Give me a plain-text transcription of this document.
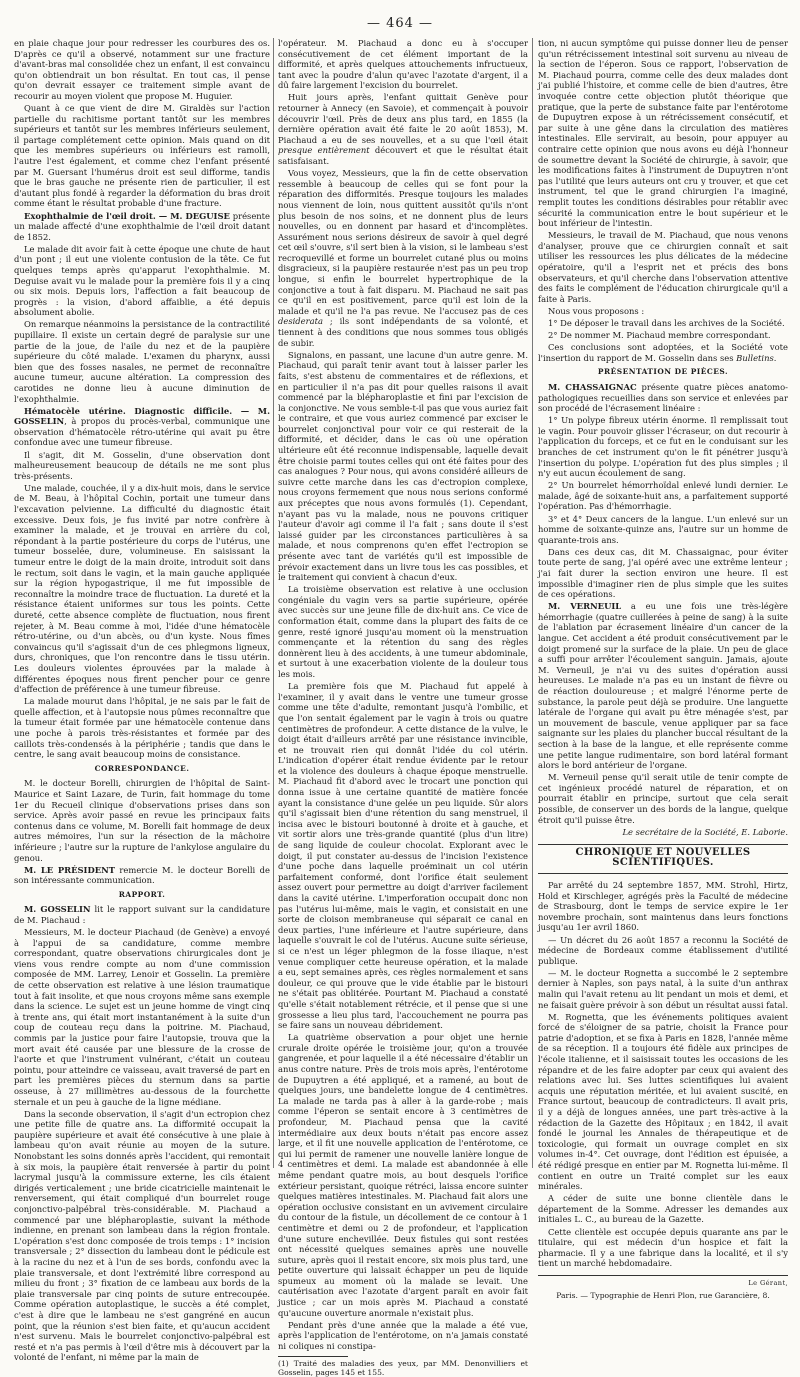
— 464 —

en plaie chaque jour pour redresser les courbures des os. D'après ce qu'il a observé, notamment sur une fracture d'avant-bras mal consolidée chez un enfant, il est convaincu qu'on obtiendrait un bon résultat. En tout cas, il pense qu'on devrait essayer ce traitement simple avant de recourir au moyen violent que propose M. Huguier.

Quant à ce que vient de dire M. Giraldès sur l'action partielle du rachitisme portant tantôt sur les membres supérieurs et tantôt sur les membres inférieurs seulement, il partage complétement cette opinion. Mais quand on dit que les membres supérieurs ou inférieurs est ramolli, l'autre l'est également, et comme chez l'enfant présenté par M. Guersant l'humérus droit est seul difforme, tandis que le bras gauche ne présente rien de particulier, il est d'autant plus fondé à regarder la déformation du bras droit comme étant le résultat probable d'une fracture.

Exophthalmie de l'œil droit. — M. DEGUISE présente un malade affecté d'une exophthalmie de l'œil droit datant de 1852.

Le malade dit avoir fait à cette époque une chute de haut d'un pont ; il eut une violente contusion de la tête. Ce fut quelques temps après qu'apparut l'exophthalmie. M. Deguise avait vu le malade pour la première fois il y a cinq ou six mois. Depuis lors, l'affection a fait beaucoup de progrès : la vision, d'abord affaiblie, a été depuis absolument abolie.

On remarque néanmoins la persistance de la contractilité pupillaire. Il existe un certain degré de paralysie sur une partie de la joue, de l'aile du nez et de la paupière supérieure du côté malade. L'examen du pharynx, aussi bien que des fosses nasales, ne permet de reconnaître aucune tumeur, aucune altération. La compression des carotides ne donne lieu à aucune diminution de l'exophthalmie.

Hématocèle utérine. Diagnostic difficile. — M. GOSSELIN, à propos du procès-verbal, communique une observation d'hématocèle rétro-utérine qui avait pu être confondue avec une tumeur fibreuse.

Il s'agit, dit M. Gosselin, d'une observation dont malheureusement beaucoup de détails ne me sont plus très-présents.

Une malade, couchée, il y a dix-huit mois, dans le service de M. Beau, à l'hôpital Cochin, portait une tumeur dans l'excavation pelvienne. La difficulté du diagnostic était excessive. Deux fois, je fus invité par notre confrère à examiner la malade, et je trouvai en arrière du col, répondant à la partie postérieure du corps de l'utérus, une tumeur bosselée, dure, volumineuse. En saisissant la tumeur entre le doigt de la main droite, introduit soit dans le rectum, soit dans le vagin, et la main gauche appliquée sur la région hypogastrique, il me fut impossible de reconnaître la moindre trace de fluctuation. La dureté et la résistance étaient uniformes sur tous les points. Cette dureté, cette absence complète de fluctuation, nous firent rejeter, à M. Beau comme à moi, l'idée d'une hématocèle rétro-utérine, ou d'un abcès, ou d'un kyste. Nous fîmes convaincus qu'il s'agissait d'un de ces phlegmons ligneux, durs, chroniques, que l'on rencontre dans le tissu utérin. Les douleurs violentes éprouvées par la malade à différentes époques nous firent pencher pour ce genre d'affection de préférence à une tumeur fibreuse.

La malade mourut dans l'hôpital, je ne sais par le fait de quelle affection, et à l'autopsie nous pûmes reconnaître que la tumeur était formée par une hématocèle contenue dans une poche à parois très-résistantes et formée par des caillots très-condensés à la périphérie ; tandis que dans le centre, le sang avait beaucoup moins de consistance.

CORRESPONDANCE.

M. le docteur Borelli, chirurgien de l'hôpital de Saint-Maurice et Saint Lazare, de Turin, fait hommage du tome 1er du Recueil clinique d'observations prises dans son service. Après avoir passé en revue les principaux faits contenus dans ce volume, M. Borelli fait hommage de deux autres mémoires, l'un sur la résection de la mâchoire inférieure ; l'autre sur la rupture de l'ankylose angulaire du genou.

M. LE PRÉSIDENT remercie M. le docteur Borelli de son intéressante communication.

RAPPORT.

M. GOSSELIN lit le rapport suivant sur la candidature de M. Piachaud :

Messieurs, M. le docteur Piachaud (de Genève) a envoyé à l'appui de sa candidature, comme membre correspondant, quatre observations chirurgicales dont je viens vous rendre compte au nom d'une commission composée de MM. Larrey, Lenoir et Gosselin. La première de cette observation est relative à une lésion traumatique tout à fait insolite, et que nous croyons même sans exemple dans la science. Le sujet est un jeune homme de vingt cinq à trente ans, qui était mort instantanément à la suite d'un coup de couteau reçu dans la poitrine. M. Piachaud, commis par la justice pour faire l'autopsie, trouva que la mort avait été causée par une blessure de la crosse de l'aorte et que l'instrument vulnérant, c'était un couteau pointu, pour atteindre ce vaisseau, avait traversé de part en part les premières pièces du sternum dans sa partie osseuse, à 27 millimètres au-dessous de la fourchette sternale et un peu à gauche de la ligne médiane.

Dans la seconde observation, il s'agit d'un ectropion chez une petite fille de quatre ans. La difformité occupait la paupière supérieure et avait été consécutive à une plaie à lambeau qu'on avait réunie au moyen de la suture. Nonobstant les soins donnés après l'accident, qui remontait à six mois, la paupière était renversée à partir du point lacrymal jusqu'à la commissure externe, les cils étaient dirigés verticalement ; une bride cicatricielle maintenait le renversement, qui était compliqué d'un bourrelet rouge conjonctivo-palpébral très-considérable. M. Piachaud a commencé par une blépharoplastie, suivant la méthode indienne, en prenant son lambeau dans la région frontale. L'opération s'est donc composée de trois temps : 1° incision transversale ; 2° dissection du lambeau dont le pédicule est à la racine du nez et à l'un de ses bords, confondu avec la plaie transversale, et dont l'extrémité libre correspond au milieu du front ; 3° fixation de ce lambeau aux bords de la plaie transversale par cinq points de suture entrecoupée. Comme opération autoplastique, le succès a été complet, c'est à dire que le lambeau ne s'est gangréné en aucun point, que la réunion s'est bien faite, et qu'aucun accident n'est survenu. Mais le bourrelet conjonctivo-palpébral est resté et n'a pas permis à l'œil d'être mis à découvert par la volonté de l'enfant, ni même par la main de

l'opérateur. M. Piachaud a donc eu à s'occuper consécutivement de cet élément important de la difformité, et après quelques attouchements infructueux, tant avec la poudre d'alun qu'avec l'azotate d'argent, il a dû faire largement l'excision du bourrelet.

Huit jours après, l'enfant quittait Genève pour retourner à Annecy (en Savoie), et commençait à pouvoir découvrir l'œil. Près de deux ans plus tard, en 1855 (la dernière opération avait été faite le 20 août 1853), M. Piachaud a eu de ses nouvelles, et a su que l'œil était presque entièrement découvert et que le résultat était satisfaisant.

Vous voyez, Messieurs, que la fin de cette observation ressemble à beaucoup de celles qui se font pour la réparation des difformités. Presque toujours les malades nous viennent de loin, nous quittent aussitôt qu'ils n'ont plus besoin de nos soins, et ne donnent plus de leurs nouvelles, ou en donnent par hasard et d'incomplètes. Assurément nous serions désireux de savoir à quel degré cet œil s'ouvre, s'il sert bien à la vision, si le lambeau s'est recroquevillé et forme un bourrelet cutané plus ou moins disgracieux, si la paupière restaurée n'est pas un peu trop longue, si enfin le bourrelet hypertrophique de la conjonctive a tout à fait disparu. M. Piachaud ne sait pas ce qu'il en est positivement, parce qu'il est loin de la malade et qu'il ne l'a pas revue. Ne l'accusez pas de ces desiderata ; ils sont indépendants de sa volonté, et tiennent à des conditions que nous sommes tous obligés de subir.

Signalons, en passant, une lacune d'un autre genre. M. Piachaud, qui paraît tenir avant tout à laisser parler les faits, s'est abstenu de commentaires et de réflexions, et en particulier il n'a pas dit pour quelles raisons il avait commencé par la blépharoplastie et fini par l'excision de la conjonctive. Ne vous semble-t-il pas que vous auriez fait le contraire, et que vous auriez commencé par exciser le bourrelet conjonctival pour voir ce qui resterait de la difformité, et décider, dans le cas où une opération ultérieure eût été reconnue indispensable, laquelle devait être choisie parmi toutes celles qui ont été faites pour des cas analogues ? Pour nous, qui avons considéré ailleurs de suivre cette marche dans les cas d'ectropion complexe, nous croyons fermement que nous nous serions conformé aux préceptes que nous avons formulés (1). Cependant, n'ayant pas vu la malade, nous ne pouvons critiquer l'auteur d'avoir agi comme il l'a fait ; sans doute il s'est laissé guider par les circonstances particulières à sa malade, et nous comprenons qu'en effet l'ectropion se présente avec tant de variétés qu'il est impossible de prévoir exactement dans un livre tous les cas possibles, et le traitement qui convient à chacun d'eux.

La troisième observation est relative à une occlusion congéniale du vagin vers sa partie supérieure, opérée avec succès sur une jeune fille de dix-huit ans. Ce vice de conformation était, comme dans la plupart des faits de ce genre, resté ignoré jusqu'au moment où la menstruation commençante et la rétention du sang des règles donnèrent lieu à des accidents, à une tumeur abdominale, et surtout à une exacerbation violente de la douleur tous les mois.

La première fois que M. Piachaud fut appelé à l'examiner, il y avait dans le ventre une tumeur grosse comme une tête d'adulte, remontant jusqu'à l'ombilic, et que l'on sentait également par le vagin à trois ou quatre centimètres de profondeur. A cette distance de la vulve, le doigt était d'ailleurs arrêté par une résistance invincible, et ne trouvait rien qui donnât l'idée du col utérin. L'indication d'opérer était rendue évidente par le retour et la violence des douleurs à chaque époque menstruelle. M. Piachaud fit d'abord avec le trocart une ponction qui donna issue à une certaine quantité de matière foncée ayant la consistance d'une gelée un peu liquide. Sûr alors qu'il s'agissait bien d'une rétention du sang menstruel, il incisa avec le bistouri boutonné à droite et à gauche, et vit sortir alors une très-grande quantité (plus d'un litre) de sang liquide de couleur chocolat. Explorant avec le doigt, il put constater au-dessus de l'incision l'existence d'une poche dans laquelle proéminait un col utérin parfaitement conformé, dont l'orifice était seulement assez ouvert pour permettre au doigt d'arriver facilement dans la cavité utérine. L'imperforation occupait donc non pas l'utérus lui-même, mais le vagin, et consistait en une sorte de cloison membraneuse qui séparait ce canal en deux parties, l'une inférieure et l'autre supérieure, dans laquelle s'ouvrait le col de l'utérus. Aucune suite sérieuse, si ce n'est un léger phlegmon de la fosse iliaque, n'est venue compliquer cette heureuse opération, et la malade a eu, sept semaines après, ces règles normalement et sans douleur, ce qui prouve que le vide établie par le bistouri ne s'était pas oblitérée. Pourtant M. Piachaud a constaté qu'elle s'était notablement rétrécie, et il pense que si une grossesse a lieu plus tard, l'accouchement ne pourra pas se faire sans un nouveau débridement.

La quatrième observation a pour objet une hernie crurale droite opérée le troisième jour, qu'on a trouvée gangrenée, et pour laquelle il a été nécessaire d'établir un anus contre nature. Près de trois mois après, l'entérotome de Dupuytren a été appliqué, et a ramené, au bout de quelques jours, une bandelette longue de 4 centimètres. La malade ne tarda pas à aller à la garde-robe ; mais comme l'éperon se sentait encore à 3 centimètres de profondeur, M. Piachaud pensa que la cavité intermédiaire aux deux bouts n'était pas encore assez large, et il fit une nouvelle application de l'entérotome, ce qui lui permit de ramener une nouvelle lanière longue de 4 centimètres et demi. La malade est abandonnée à elle même pendant quatre mois, au bout desquels l'orifice extérieur persistant, quoique rétréci, laissa encore suinter quelques matières intestinales. M. Piachaud fait alors une opération occlusive consistant en un avivement circulaire du contour de la fistule, un décollement de ce contour à 1 centimètre et demi ou 2 de profondeur, et l'application d'une suture enchevillée. Deux fistules qui sont restées ont nécessité quelques semaines après une nouvelle suture, après quoi il restait encore, six mois plus tard, une petite ouverture qui laissait échapper un peu de liquide spumeux au moment où la malade se levait. Une cautérisation avec l'azotate d'argent paraît en avoir fait justice ; car un mois après M. Piachaud a constaté qu'aucune ouverture anormale n'existait plus.

Pendant près d'une année que la malade a été vue, après l'application de l'entérotome, on n'a jamais constaté ni coliques ni constipa-

(1) Traité des maladies des yeux, par MM. Denonvilliers et Gosselin, pages 145 et 155.

tion, ni aucun symptôme qui puisse donner lieu de penser qu'un rétrécissement intestinal soit survenu au niveau de la section de l'éperon. Sous ce rapport, l'observation de M. Piachaud pourra, comme celle des deux malades dont j'ai publié l'histoire, et comme celle de bien d'autres, être invoquée contre cette objection plutôt théorique que pratique, que la perte de substance faite par l'entérotome de Dupuytren expose à un rétrécissement consécutif, et par suite à une gêne dans la circulation des matières intestinales. Elle servirait, au besoin, pour appuyer au contraire cette opinion que nous avons eu déjà l'honneur de soumettre devant la Société de chirurgie, à savoir, que les modifications faites à l'instrument de Dupuytren n'ont pas l'utilité que leurs auteurs ont cru y trouver, et que cet instrument, tel que le grand chirurgien l'a imaginé, remplit toutes les conditions désirables pour rétablir avec sécurité la communication entre le bout supérieur et le bout inférieur de l'intestin.

Messieurs, le travail de M. Piachaud, que nous venons d'analyser, prouve que ce chirurgien connaît et sait utiliser les ressources les plus délicates de la médecine opératoire, qu'il a l'esprit net et précis des bons observateurs, et qu'il cherche dans l'observation attentive des faits le complément de l'éducation chirurgicale qu'il a faite à Paris.

Nous vous proposons :

1° De déposer le travail dans les archives de la Société.

2° De nommer M. Piachaud membre correspondant.

Ces conclusions sont adoptées, et la Société vote l'insertion du rapport de M. Gosselin dans ses Bulletins.

PRÉSENTATION DE PIÈCES.

M. CHASSAIGNAC présente quatre pièces anatomo-pathologiques recueillies dans son service et enlevées par son procédé de l'écrasement linéaire :

1° Un polype fibreux utérin énorme. Il remplissait tout le vagin. Pour pouvoir glisser l'écraseur, on dut recourir à l'application du forceps, et ce fut en le conduisant sur les branches de cet instrument qu'on le fit pénétrer jusqu'à l'insertion du polype. L'opération fut des plus simples ; il n'y eut aucun écoulement de sang.

2° Un bourrelet hémorrhoïdal enlevé lundi dernier. Le malade, âgé de soixante-huit ans, a parfaitement supporté l'opération. Pas d'hémorrhagie.

3° et 4° Deux cancers de la langue. L'un enlevé sur un homme de soixante-quinze ans, l'autre sur un homme de quarante-trois ans.

Dans ces deux cas, dit M. Chassaignac, pour éviter toute perte de sang, j'ai opéré avec une extrême lenteur ; j'ai fait durer la section environ une heure. Il est impossible d'imaginer rien de plus simple que les suites de ces opérations.

M. VERNEUIL a eu une fois une très-légère hémorrhagie (quatre cuillerées à peine de sang) à la suite de l'ablation par écrasement linéaire d'un cancer de la langue. Cet accident a été produit consécutivement par le doigt promené sur la surface de la plaie. Un peu de glace a suffi pour arrêter l'écoulement sanguin. Jamais, ajoute M. Verneuil, je n'ai vu des suites d'opération aussi heureuses. Le malade n'a pas eu un instant de fièvre ou de réaction douloureuse ; et malgré l'énorme perte de substance, la parole peut déjà se produire. Une languette latérale de l'organe qui avait pu être ménagée s'est, par un mouvement de bascule, venue appliquer par sa face saignante sur les plaies du plancher buccal résultant de la section à la base de la langue, et elle représente comme une petite langue rudimentaire, son bord latéral formant alors le bord antérieur de l'organe.

M. Verneuil pense qu'il serait utile de tenir compte de cet ingénieux procédé naturel de réparation, et on pourrait établir en principe, surtout que cela serait possible, de conserver un des bords de la langue, quelque étroit qu'il puisse être.

Le secrétaire de la Société, E. Laborie.

CHRONIQUE ET NOUVELLES SCIENTIFIQUES.

Par arrêté du 24 septembre 1857, MM. Strohl, Hirtz, Hold et Kirschleger, agrégés près la Faculté de médecine de Strasbourg, dont le temps de service expire le 1er novembre prochain, sont maintenus dans leurs fonctions jusqu'au 1er avril 1860.

— Un décret du 26 août 1857 a reconnu la Société de médecine de Bordeaux comme établissement d'utilité publique.

— M. le docteur Rognetta a succombé le 2 septembre dernier à Naples, son pays natal, à la suite d'un anthrax malin qui l'avait retenu au lit pendant un mois et demi, et ne faisait guère prévoir à son début un résultat aussi fatal.

M. Rognetta, que les événements politiques avaient forcé de s'éloigner de sa patrie, choisit la France pour patrie d'adoption, et se fixa à Paris en 1828, l'année même de sa réception. Il a toujours été fidèle aux principes de l'école italienne, et il saisissait toutes les occasions de les répandre et de les faire adopter par ceux qui avaient des relations avec lui. Ses luttes scientifiques lui avaient acquis une réputation méritée, et lui avaient suscité, en France surtout, beaucoup de contradicteurs. Il avait pris, il y a déjà de longues années, une part très-active à la rédaction de la Gazette des Hôpitaux ; en 1842, il avait fondé le journal les Annales de thérapeutique et de toxicologie, qui formait un ouvrage complet en six volumes in-4°. Cet ouvrage, dont l'édition est épuisée, a été rédigé presque en entier par M. Rognetta lui-même. Il contient en outre un Traité complet sur les eaux minérales.

A céder de suite une bonne clientèle dans le département de la Somme. Adresser les demandes aux initiales L. C., au bureau de la Gazette.

Cette clientèle est occupée depuis quarante ans par le titulaire, qui est médecin d'un hospice et fait la pharmacie. Il y a une fabrique dans la localité, et il s'y tient un marché hebdomadaire.

Le Gérant,

Paris. — Typographie de Henri Plon, rue Garancière, 8.
